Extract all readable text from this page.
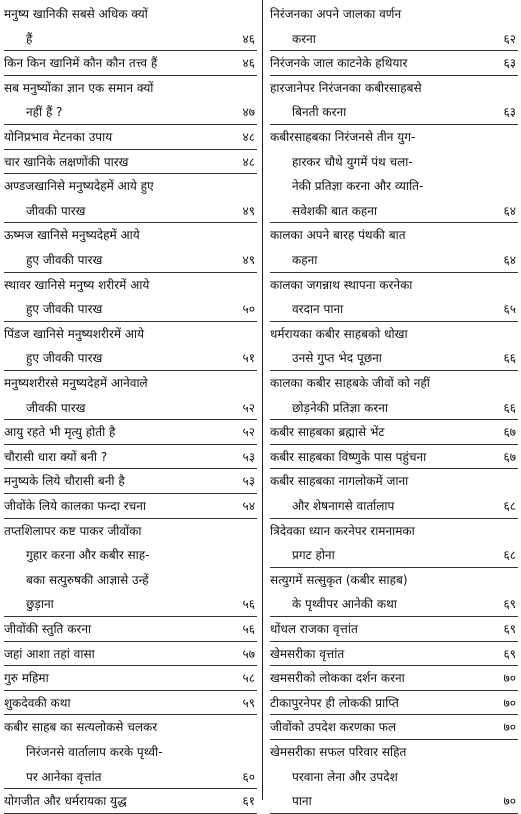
मनुष्य खानिकी सबसे अधिक क्यों
हैं	४६
किन किन खानिमें कौन कौन तत्त्व हैं	४६
सब मनुष्योंका ज्ञान एक समान क्यों
नहीं हैं ?	४७
योनिप्रभाव मेटनका उपाय	४८
चार खानिके लक्षणोंकी पारख	४८
अण्डजखानिसे मनुष्यदेहमें आये हुए
जीवकी पारख	४९
ऊष्मज खानिसे मनुष्यदेहमें आये
हुए जीवकी पारख	४९
स्थावर खानिसे मनुष्य शरीरमें आये
हुए जीवकी पारख	५०
पिंडज खानिसे मनुष्यशरीरमें आये
हुए जीवकी पारख	५१
मनुष्यशरीरसे मनुष्यदेहमें आनेवाले
जीवकी पारख	५२
आयु रहते भी मृत्यु होती है	५२
चौरासी धारा क्यों बनी ?	५३
मनुष्यके लिये चौरासी बनी है	५३
जीवोंके लिये कालका फन्दा रचना	५४
तप्तशिलापर कष्ट पाकर जीवोंका
गुहार करना और कबीर साह-
बका सत्पुरुषकी आज्ञासे उन्हें
छुड़ाना	५६
जीवोंकी स्तुति करना	५६
जहां आशा तहां वासा	५७
गुरु महिमा	५८
शुकदेवकी कथा	५९
कबीर साहब का सत्यलोकसे चलकर
निरंजनसे वार्तालाप करके पृथ्वी-
पर आनेका वृत्तांत	६०
योगजीत और धर्मरायका युद्ध	६१
निरंजनका अपने जालका वर्णन
करना	६२
निरंजनके जाल काटनेके हथियार	६३
हारजानेपर निरंजनका कबीरसाहबसे
बिनती करना	६३
कबीरसाहबका निरंजनसे तीन युग-
हारकर चौथे युगमें पंथ चला-
नेकी प्रतिज्ञा करना और व्याति-
सवेशकी बात कहना	६४
कालका अपने बारह पंथकी बात
कहना	६४
कालका जगन्नाथ स्थापना करनेका
वरदान पाना	६५
धर्मरायका कबीर साहबको धोखा
उनसे गुप्त भेद पूछना	६६
कालका कबीर साहबके जीवों को नहीं
छोड़नेकी प्रतिज्ञा करना	६६
कबीर साहबका ब्रह्मासे भेंट	६७
कबीर साहबका विष्णुके पास पहुंचना	६७
कबीर साहबका नागलोकमें जाना
और शेषनागसे वार्तालाप	६८
त्रिदेवका ध्यान करनेपर रामनामका
प्रगट होना	६८
सत्युगमें सत्सुकृत (कबीर साहब)
के पृथ्वीपर आनेकी कथा	६९
धोंधल राजका वृत्तांत	६९
खेमसरीका वृत्तांत	६९
खमसरीको लोकका दर्शन करना	७०
टीकापुरनेपर ही लोककी प्राप्ति	७०
जीवोंको उपदेश करणका फल	७०
खेमसरीका सफल परिवार सहित
परवाना लेना और उपदेश
पाना	७०
